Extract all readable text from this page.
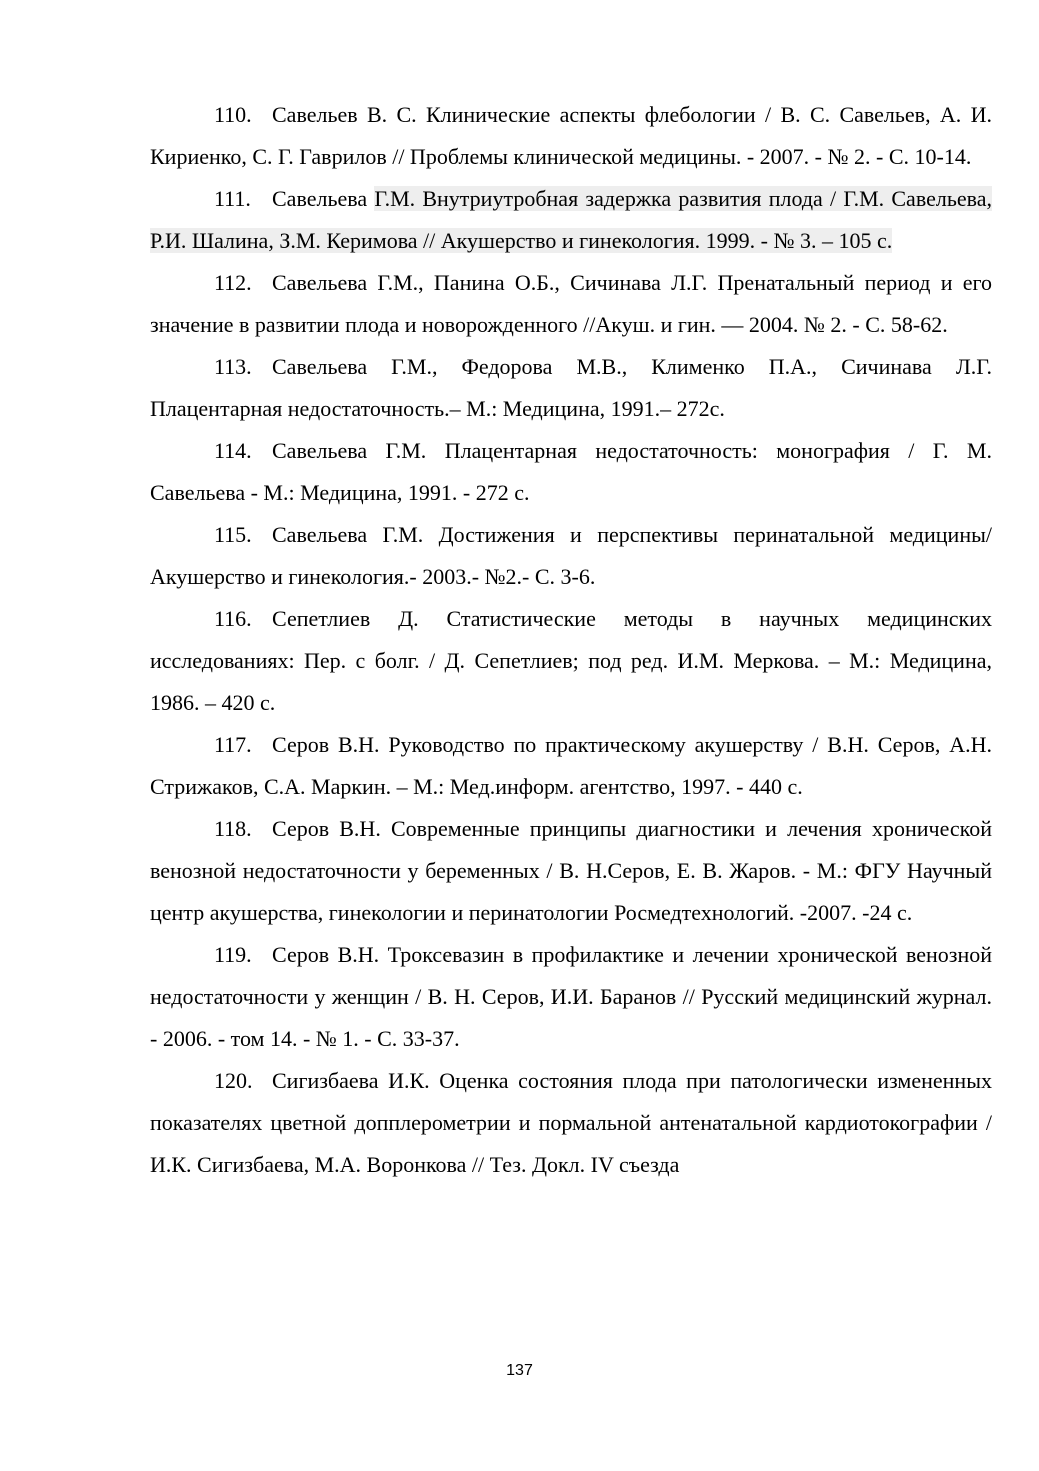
110. Савельев В. С. Клинические аспекты флебологии / В. С. Савельев, А. И. Кириенко, С. Г. Гаврилов // Проблемы клинической медицины. - 2007. - № 2. - С. 10-14.

111. Савельева Г.М. Внутриутробная задержка развития плода / Г.М. Савельева, Р.И. Шалина, З.М. Керимова // Акушерство и гинекология. 1999. - № 3. – 105 с.

112. Савельева Г.М., Панина О.Б., Сичинава Л.Г. Пренатальный период и его значение в развитии плода и новорожденного //Акуш. и гин. — 2004. № 2. - С. 58-62.

113. Савельева Г.М., Федорова М.В., Клименко П.А., Сичинава Л.Г. Плацентарная недостаточность.– М.: Медицина, 1991.– 272с.

114. Савельева Г.М. Плацентарная недостаточность: монография / Г. М. Савельева - М.: Медицина, 1991. - 272 с.

115. Савельева Г.М. Достижения и перспективы перинатальной медицины/ Акушерство и гинекология.- 2003.- №2.- С. 3-6.

116. Сепетлиев Д. Статистические методы в научных медицинских исследованиях: Пер. с болг. / Д. Сепетлиев; под ред. И.М. Меркова. – М.: Медицина, 1986. – 420 с.

117. Серов В.Н. Руководство по практическому акушерству / В.Н. Серов, А.Н. Стрижаков, С.А. Маркин. – М.: Мед.информ. агентство, 1997. - 440 с.

118. Серов В.Н. Современные принципы диагностики и лечения хронической венозной недостаточности у беременных / В. Н.Серов, Е. В. Жаров. - М.: ФГУ Научный центр акушерства, гинекологии и перинатологии Росмедтехнологий. -2007. -24 с.

119. Серов В.Н. Троксевазин в профилактике и лечении хронической венозной недостаточности у женщин / В. Н. Серов, И.И. Баранов // Русский медицинский журнал. - 2006. - том 14. - № 1. - С. 33-37.

120. Сигизбаева И.К. Оценка состояния плода при патологически измененных показателях цветной допплерометрии и пормальной антенатальной кардиотокографии / И.К. Сигизбаева, М.А. Воронкова // Тез. Докл. IV съезда

137
